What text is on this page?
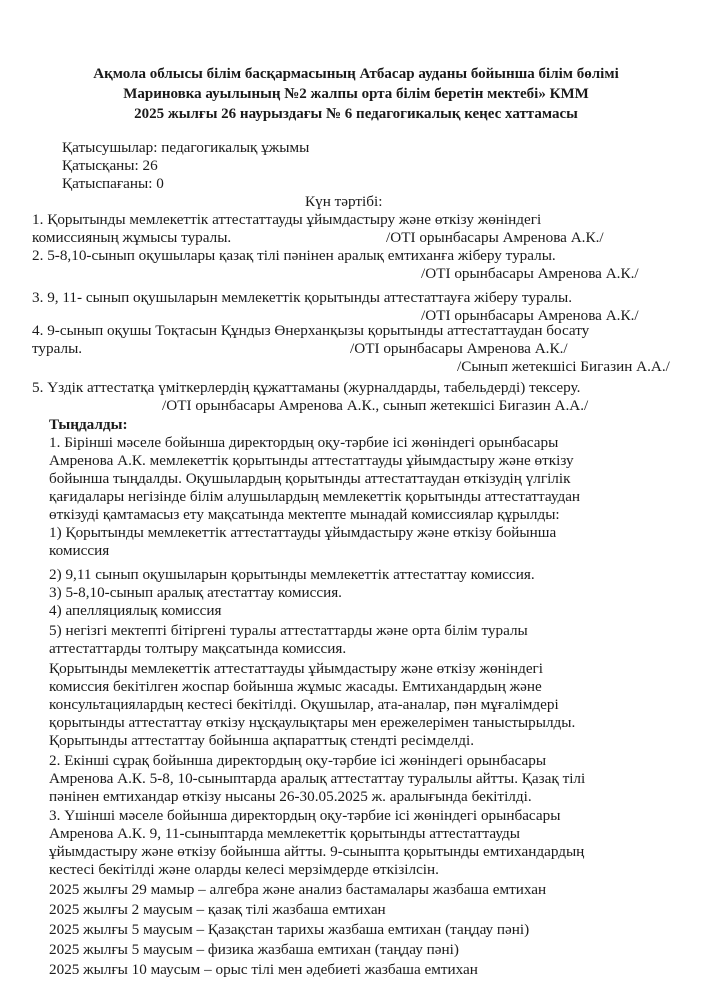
Ақмола облысы білім басқармасының Атбасар ауданы бойынша білім бөлімі
Мариновка ауылының №2 жалпы орта білім беретін мектебі» КММ
2025 жылғы 26 наурыздағы № 6 педагогикалық кеңес хаттамасы
Қатысушылар: педагогикалық ұжымы
Қатысқаны: 26
Қатыспағаны: 0
Күн тәртібі:
1. Қорытынды мемлекеттік аттестаттауды ұйымдастыру және өткізу жөніндегі
комиссияның жұмысы туралы.	/ОТІ орынбасары Амренова А.К./
2. 5-8,10-сынып оқушылары қазақ тілі пәнінен аралық емтиханға жіберу туралы.
/ОТІ орынбасары Амренова А.К./
3. 9, 11- сынып оқушыларын мемлекеттік қорытынды аттестаттауға жіберу туралы.
/ОТІ орынбасары Амренова А.К./
4. 9-сынып оқушы Тоқтасын Құндыз Өнерханқызы қорытынды аттестаттаудан босату
туралы.	/ОТІ орынбасары Амренова А.К./
/Сынып жетекшісі Бигазин А.А./
5. Үздік аттестатқа үміткерлердің құжаттаманы (журналдарды, табельдерді) тексеру.
/ОТІ орынбасары Амренова А.К., сынып жетекшісі Бигазин А.А./
Тыңдалды:
1. Бірінші мәселе бойынша директордың оқу-тәрбие ісі жөніндегі орынбасары
Амренова А.К. мемлекеттік қорытынды аттестаттауды ұйымдастыру және өткізу
бойынша тыңдалды. Оқушылардың қорытынды аттестаттаудан өткізудің үлгілік
қағидалары негізінде білім алушылардың мемлекеттік қорытынды аттестаттаудан
өткізуді қамтамасыз ету мақсатында мектепте мынадай комиссиялар құрылды:
1) Қорытынды мемлекеттік аттестаттауды ұйымдастыру және өткізу бойынша
комиссия
2) 9,11 сынып оқушыларын қорытынды мемлекеттік аттестаттау комиссия.
3) 5-8,10-сынып аралық атестаттау комиссия.
4) апелляциялық комиссия
5) негізгі мектепті бітіргені туралы аттестаттарды және орта білім туралы
аттестаттарды толтыру мақсатында комиссия.
Қорытынды мемлекеттік аттестаттауды ұйымдастыру және өткізу жөніндегі
комиссия бекітілген жоспар бойынша жұмыс жасады. Емтихандардың және
консультациялардың кестесі бекітілді. Оқушылар, ата-аналар, пән мұғалімдері
қорытынды аттестаттау өткізу нұсқаулықтары мен ережелерімен таныстырылды.
Қорытынды аттестаттау бойынша ақпараттық стендті ресімделді.
2. Екінші сұрақ бойынша директордың оқу-тәрбие ісі жөніндегі орынбасары
Амренова А.К. 5-8, 10-сыныптарда аралық аттестаттау туралылы айтты. Қазақ тілі
пәнінен емтихандар өткізу нысаны 26-30.05.2025 ж. аралығында бекітілді.
3. Үшінші мәселе бойынша директордың оқу-тәрбие ісі жөніндегі орынбасары
Амренова А.К. 9, 11-сыныптарда мемлекеттік қорытынды аттестаттауды
ұйымдастыру және өткізу бойынша айтты. 9-сыныпта қорытынды емтихандардың
кестесі бекітілді және оларды келесі мерзімдерде өткізілсін.
2025 жылғы 29 мамыр – алгебра және анализ бастамалары жазбаша емтихан
2025 жылғы 2 маусым – қазақ тілі жазбаша емтихан
2025 жылғы 5 маусым – Қазақстан тарихы жазбаша емтихан (таңдау пәні)
2025 жылғы 5 маусым – физика жазбаша емтихан (таңдау пәні)
2025 жылғы 10 маусым – орыс тілі мен әдебиеті жазбаша емтихан
